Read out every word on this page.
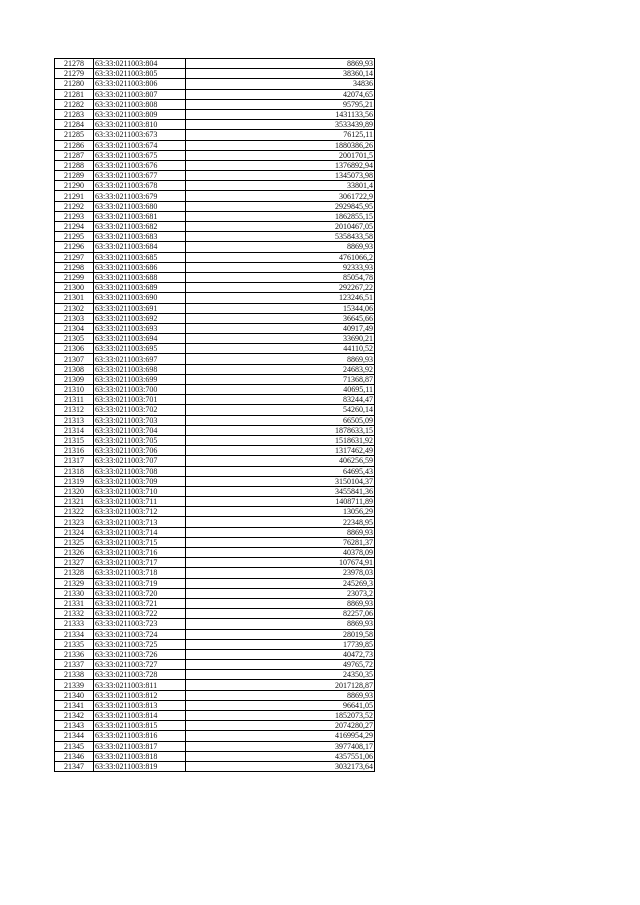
21278	63:33:0211003:804	8869,93
21279	63:33:0211003:805	38360,14
21280	63:33:0211003:806	34836
21281	63:33:0211003:807	42074,65
21282	63:33:0211003:808	95795,21
21283	63:33:0211003:809	1431133,56
21284	63:33:0211003:810	3533439,89
21285	63:33:0211003:673	76125,11
21286	63:33:0211003:674	1880386,26
21287	63:33:0211003:675	2001701,5
21288	63:33:0211003:676	1376892,94
21289	63:33:0211003:677	1345073,98
21290	63:33:0211003:678	33801,4
21291	63:33:0211003:679	3061722,9
21292	63:33:0211003:680	2929845,95
21293	63:33:0211003:681	1862855,15
21294	63:33:0211003:682	2010467,05
21295	63:33:0211003:683	5358433,58
21296	63:33:0211003:684	8869,93
21297	63:33:0211003:685	4761066,2
21298	63:33:0211003:686	92333,93
21299	63:33:0211003:688	85054,78
21300	63:33:0211003:689	292267,22
21301	63:33:0211003:690	123246,51
21302	63:33:0211003:691	15344,06
21303	63:33:0211003:692	36645,66
21304	63:33:0211003:693	40917,49
21305	63:33:0211003:694	33690,21
21306	63:33:0211003:695	44110,52
21307	63:33:0211003:697	8869,93
21308	63:33:0211003:698	24683,92
21309	63:33:0211003:699	71368,87
21310	63:33:0211003:700	40695,11
21311	63:33:0211003:701	83244,47
21312	63:33:0211003:702	54260,14
21313	63:33:0211003:703	66505,09
21314	63:33:0211003:704	1878633,15
21315	63:33:0211003:705	1518631,92
21316	63:33:0211003:706	1317462,49
21317	63:33:0211003:707	406256,59
21318	63:33:0211003:708	64695,43
21319	63:33:0211003:709	3150104,37
21320	63:33:0211003:710	3455841,36
21321	63:33:0211003:711	1408711,89
21322	63:33:0211003:712	13056,29
21323	63:33:0211003:713	22348,95
21324	63:33:0211003:714	8869,93
21325	63:33:0211003:715	76281,37
21326	63:33:0211003:716	40378,09
21327	63:33:0211003:717	107674,91
21328	63:33:0211003:718	23978,03
21329	63:33:0211003:719	245269,3
21330	63:33:0211003:720	23073,2
21331	63:33:0211003:721	8869,93
21332	63:33:0211003:722	82257,06
21333	63:33:0211003:723	8869,93
21334	63:33:0211003:724	28019,58
21335	63:33:0211003:725	17739,85
21336	63:33:0211003:726	40472,73
21337	63:33:0211003:727	49765,72
21338	63:33:0211003:728	24350,35
21339	63:33:0211003:811	2017128,87
21340	63:33:0211003:812	8869,93
21341	63:33:0211003:813	96641,05
21342	63:33:0211003:814	1852073,52
21343	63:33:0211003:815	2074280,27
21344	63:33:0211003:816	4169954,29
21345	63:33:0211003:817	3977408,17
21346	63:33:0211003:818	4357551,06
21347	63:33:0211003:819	3032173,64
